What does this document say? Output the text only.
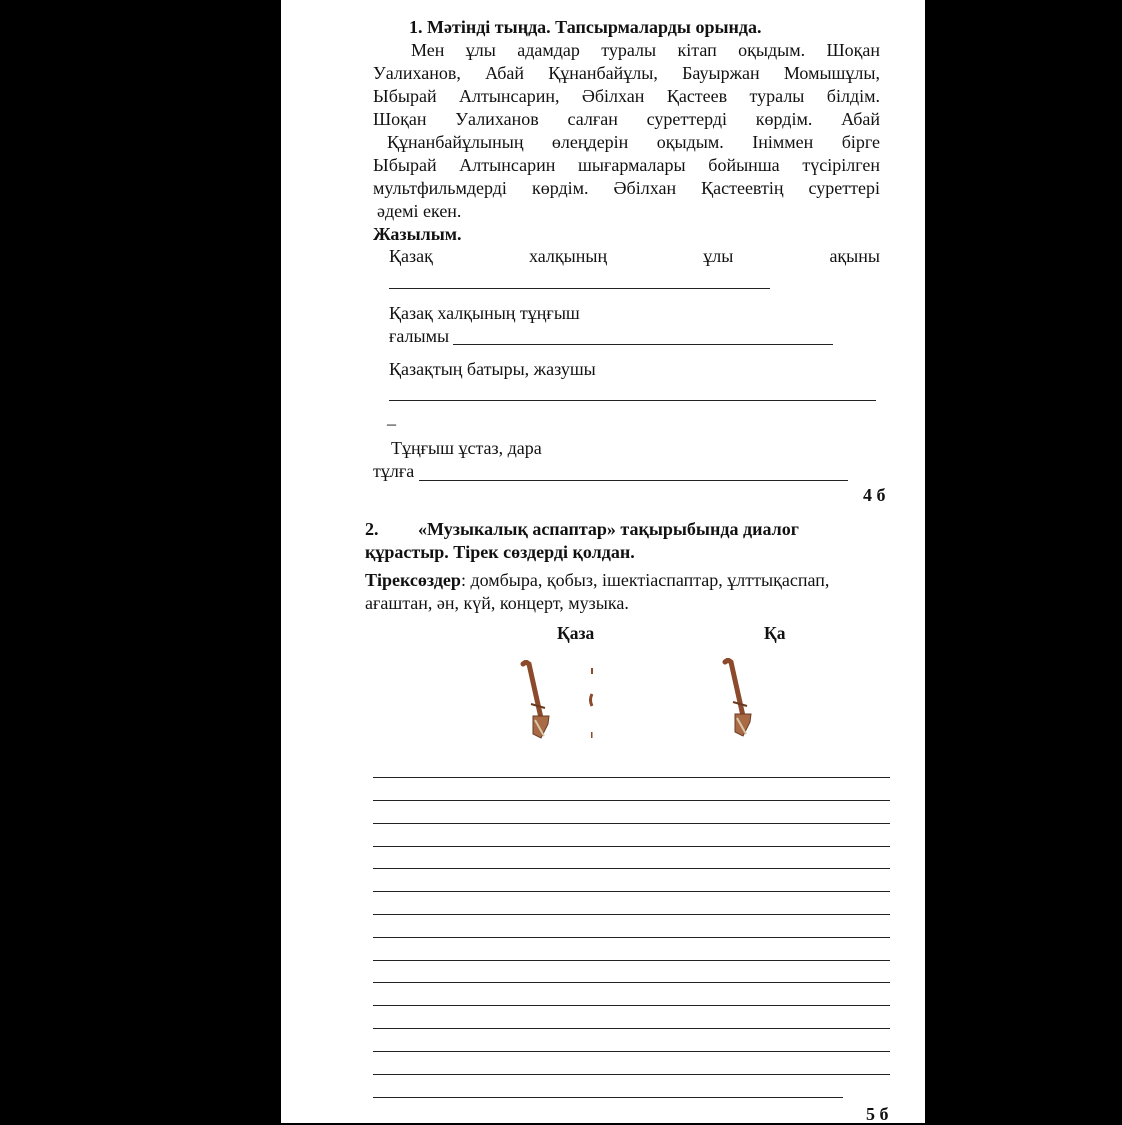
1. Мәтінді тыңда. Тапсырмаларды орында.
Мен ұлы адамдар туралы кітап оқыдым. Шоқан
Уалиханов, Абай Құнанбайұлы, Бауыржан Момышұлы,
Ыбырай Алтынсарин, Әбілхан Қастеев туралы білдім.
Шоқан Уалиханов салған суреттерді көрдім. Абай
Құнанбайұлының өлеңдерін оқыдым. Ініммен бірге
Ыбырай Алтынсарин шығармалары бойынша түсірілген
мультфильмдерді көрдім. Әбілхан Қастеевтің суреттері
әдемі екен.
Жазылым.
Қазақ халқының ұлы ақыны
Қазақ халқының тұңғыш
ғалымы
Қазақтың батыры, жазушы
_
Тұңғыш ұстаз, дара
тұлға
4 б
2. «Музыкалық аспаптар» тақырыбында диалог
құрастыр. Тірек сөздерді қолдан.
Тірексөздер: домбыра, қобыз, ішектіаспаптар, ұлттықаспап,
ағаштан, ән, күй, концерт, музыка.
Қаза	Қа
5 б
